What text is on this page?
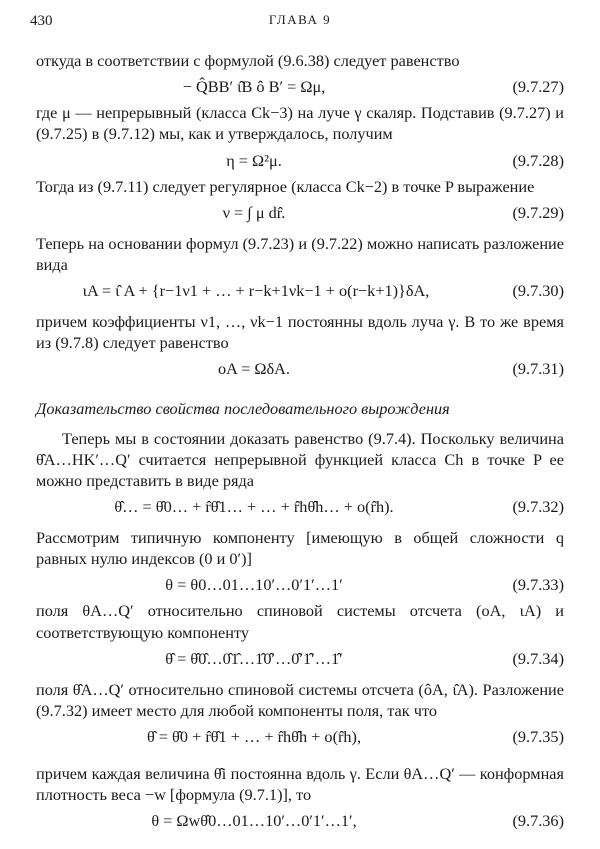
430	ГЛАВА 9

откуда в соответствии с формулой (9.6.38) следует равенство

− Q̂BB′ ι̂B ô B′ = Ωμ,	(9.7.27)

где μ — непрерывный (класса Ck−3) на луче γ скаляр. Подставив (9.7.27) и (9.7.25) в (9.7.12) мы, как и утверждалось, получим

η = Ω²μ.	(9.7.28)

Тогда из (9.7.11) следует регулярное (класса Ck−2) в точке P выражение

ν = ∫ μ dr̂.	(9.7.29)

Теперь на основании формул (9.7.23) и (9.7.22) можно написать разложение вида

ιA = ι̂ A + {r−1ν1 + … + r−k+1νk−1 + o(r−k+1)}δA,	(9.7.30)

причем коэффициенты ν1, …, νk−1 постоянны вдоль луча γ. В то же время из (9.7.8) следует равенство

oA = ΩδA.	(9.7.31)
Доказательство свойства последовательного вырождения

Теперь мы в состоянии доказать равенство (9.7.4). Поскольку величина θ̂A…HK′…Q′ считается непрерывной функцией класса Ch в точке P ее можно представить в виде ряда

θ̂… = θ̂0… + r̂θ̂1… + … + r̂hθ̂h… + o(r̂h).	(9.7.32)

Рассмотрим типичную компоненту [имеющую в общей сложности q равных нулю индексов (0 и 0′)]

θ = θ0…01…10′…0′1′…1′	(9.7.33)

поля θA…Q′ относительно спиновой системы отсчета (oA, ιA) и соответствующую компоненту

θ̂ = θ̂0̂…0̂1̂…1̂0̂′…0̂′1̂′…1̂′	(9.7.34)

поля θ̂A…Q′ относительно спиновой системы отсчета (ôA, ι̂A). Разложение (9.7.32) имеет место для любой компоненты поля, так что

θ̂ = θ̂0 + r̂θ̂1 + … + r̂hθ̂h + o(r̂h),	(9.7.35)

причем каждая величина θ̂i постоянна вдоль γ. Если θA…Q′ — конформная плотность веса −w [формула (9.7.1)], то

θ = Ωwθ̂0…01…10′…0′1′…1′,	(9.7.36)
